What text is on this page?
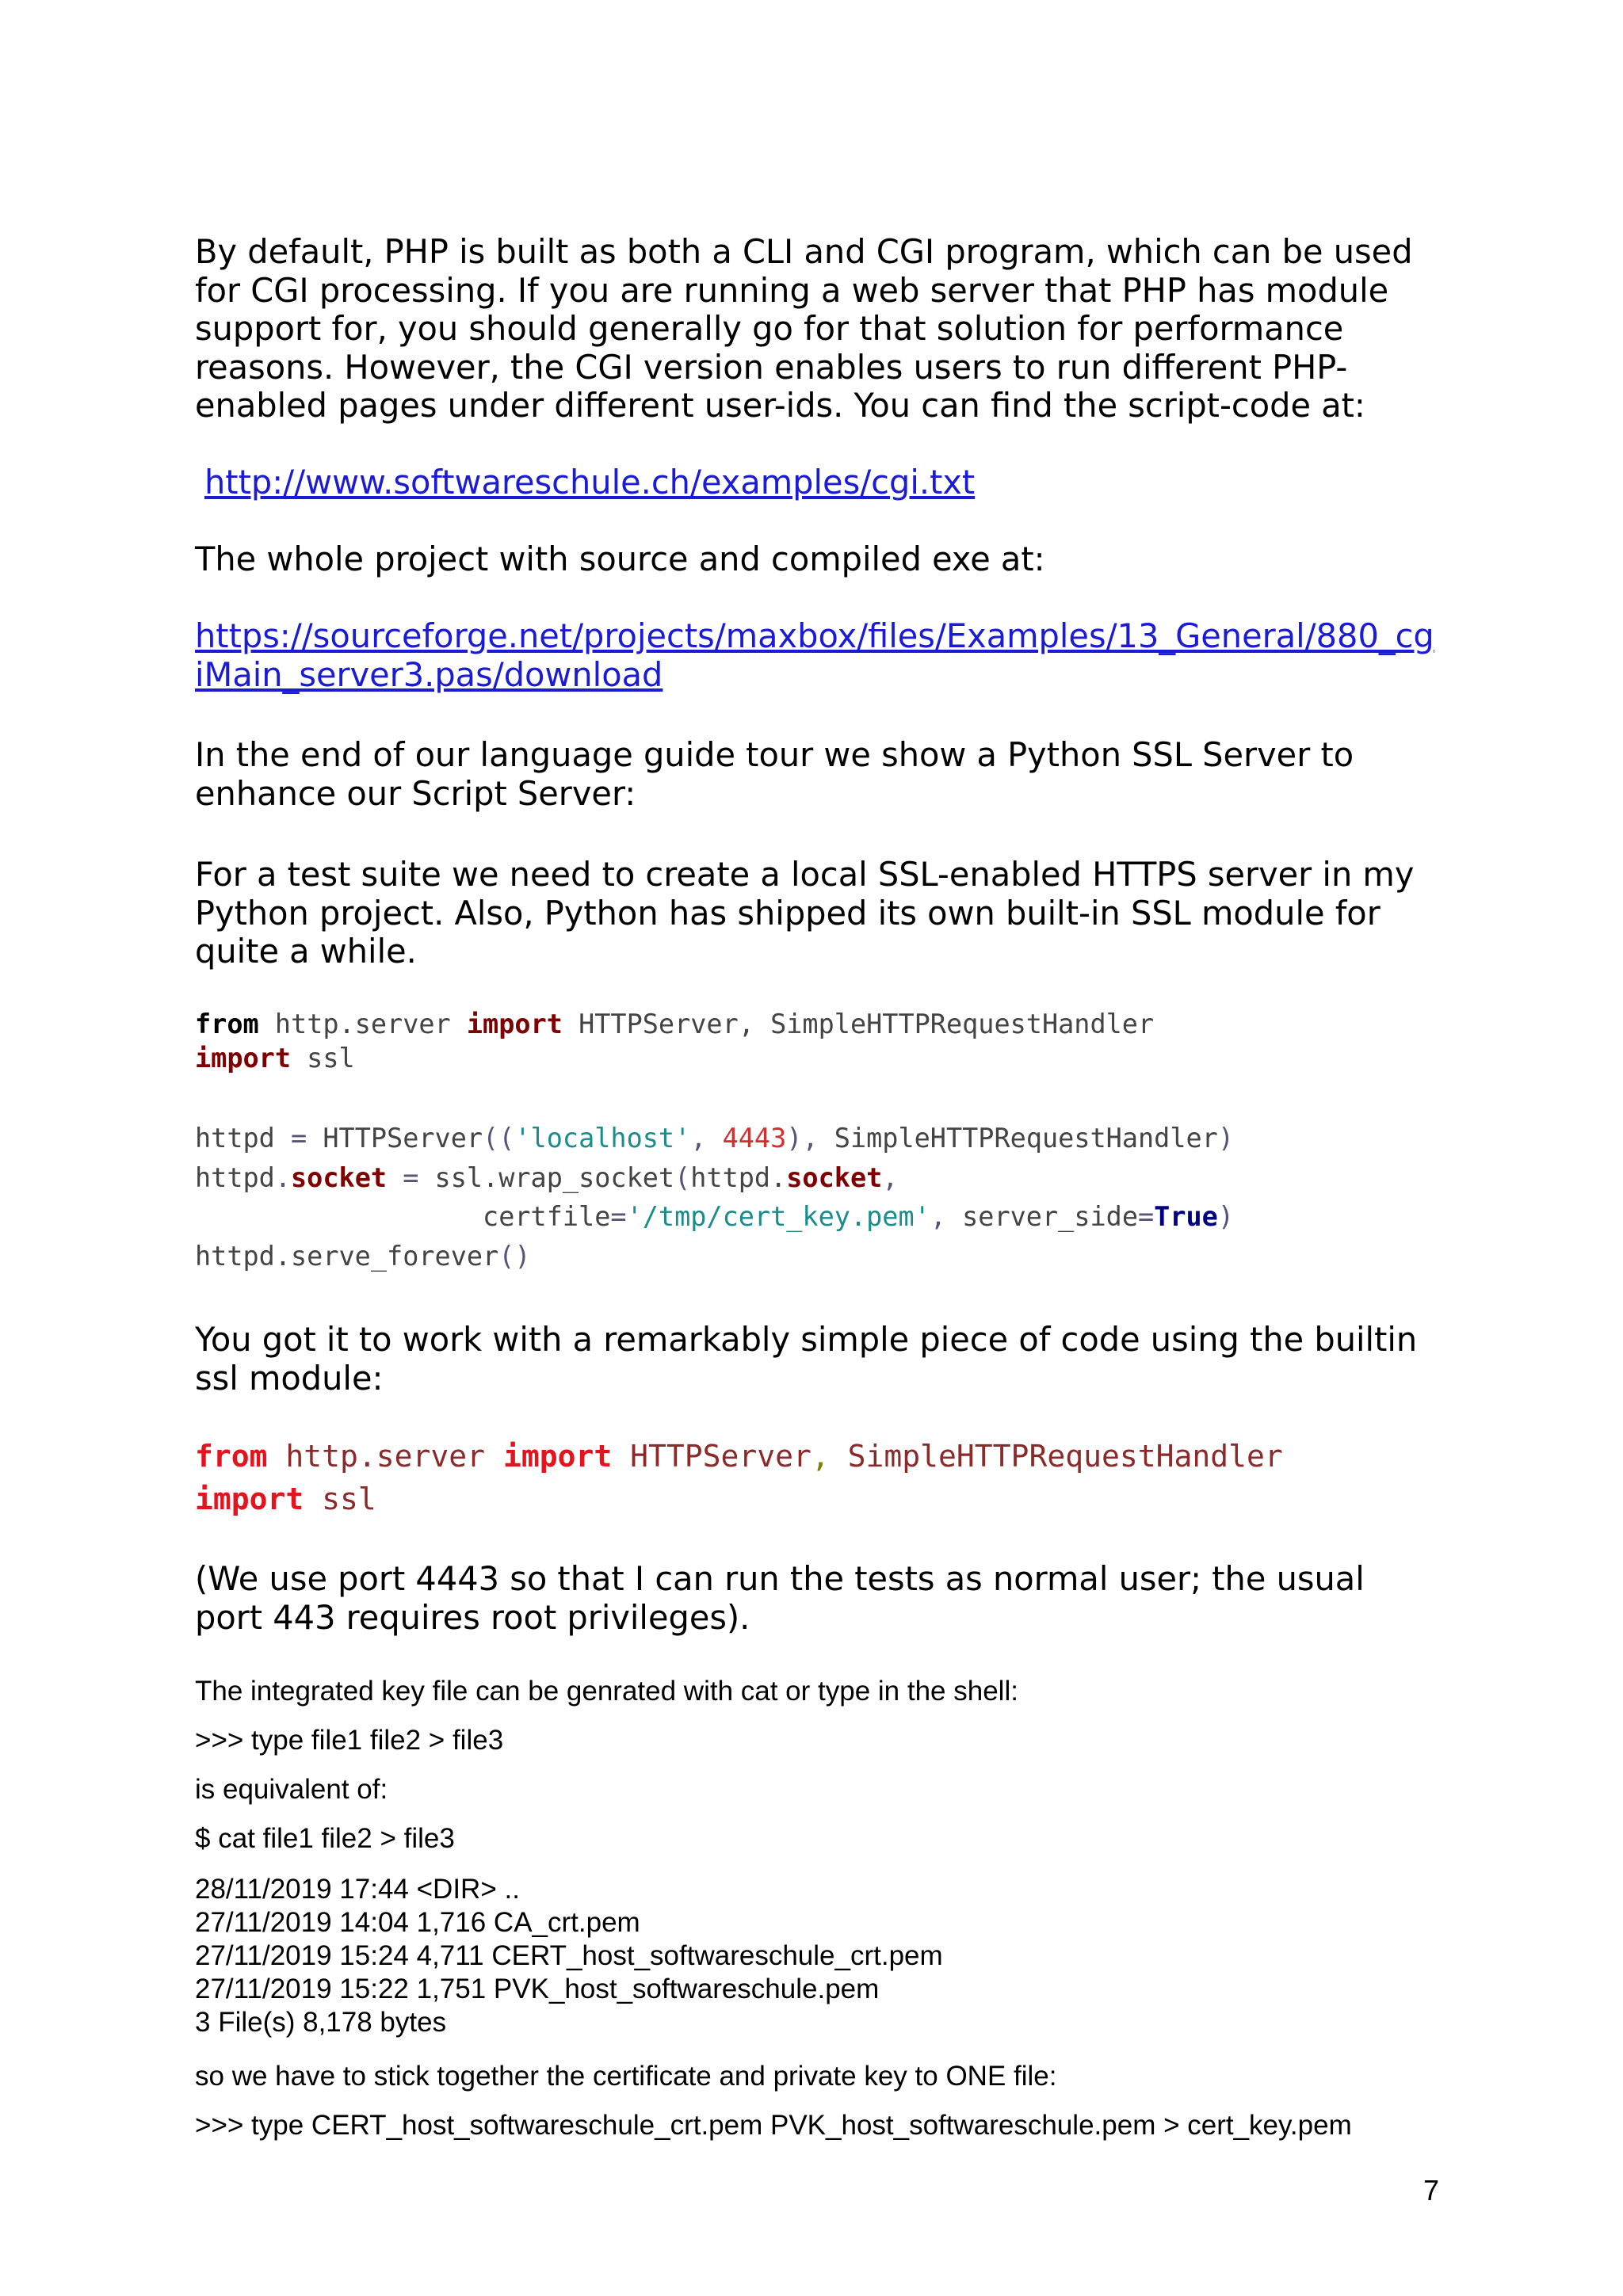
By default, PHP is built as both a CLI and CGI program, which can be used
for CGI processing. If you are running a web server that PHP has module
support for, you should generally go for that solution for performance
reasons. However, the CGI version enables users to run different PHP-
enabled pages under different user-ids. You can find the script-code at:
http://www.softwareschule.ch/examples/cgi.txt
The whole project with source and compiled exe at:
https://sourceforge.net/projects/maxbox/files/Examples/13_General/880_cg
iMain_server3.pas/download
In the end of our language guide tour we show a Python SSL Server to
enhance our Script Server:
For a test suite we need to create a local SSL-enabled HTTPS server in my
Python project. Also, Python has shipped its own built-in SSL module for
quite a while.
from http.server import HTTPServer, SimpleHTTPRequestHandler
import ssl
httpd = HTTPServer(('localhost', 4443), SimpleHTTPRequestHandler)
httpd.socket = ssl.wrap_socket(httpd.socket,
certfile='/tmp/cert_key.pem', server_side=True)
httpd.serve_forever()
You got it to work with a remarkably simple piece of code using the builtin
ssl module:
from http.server import HTTPServer, SimpleHTTPRequestHandler
import ssl
(We use port 4443 so that I can run the tests as normal user; the usual
port 443 requires root privileges).
The integrated key file can be genrated with cat or type in the shell:
>>> type file1 file2 > file3
is equivalent of:
$ cat file1 file2 > file3
28/11/2019 17:44 <DIR> ..
27/11/2019 14:04 1,716 CA_crt.pem
27/11/2019 15:24 4,711 CERT_host_softwareschule_crt.pem
27/11/2019 15:22 1,751 PVK_host_softwareschule.pem
3 File(s) 8,178 bytes
so we have to stick together the certificate and private key to ONE file:
>>> type CERT_host_softwareschule_crt.pem PVK_host_softwareschule.pem > cert_key.pem
7
